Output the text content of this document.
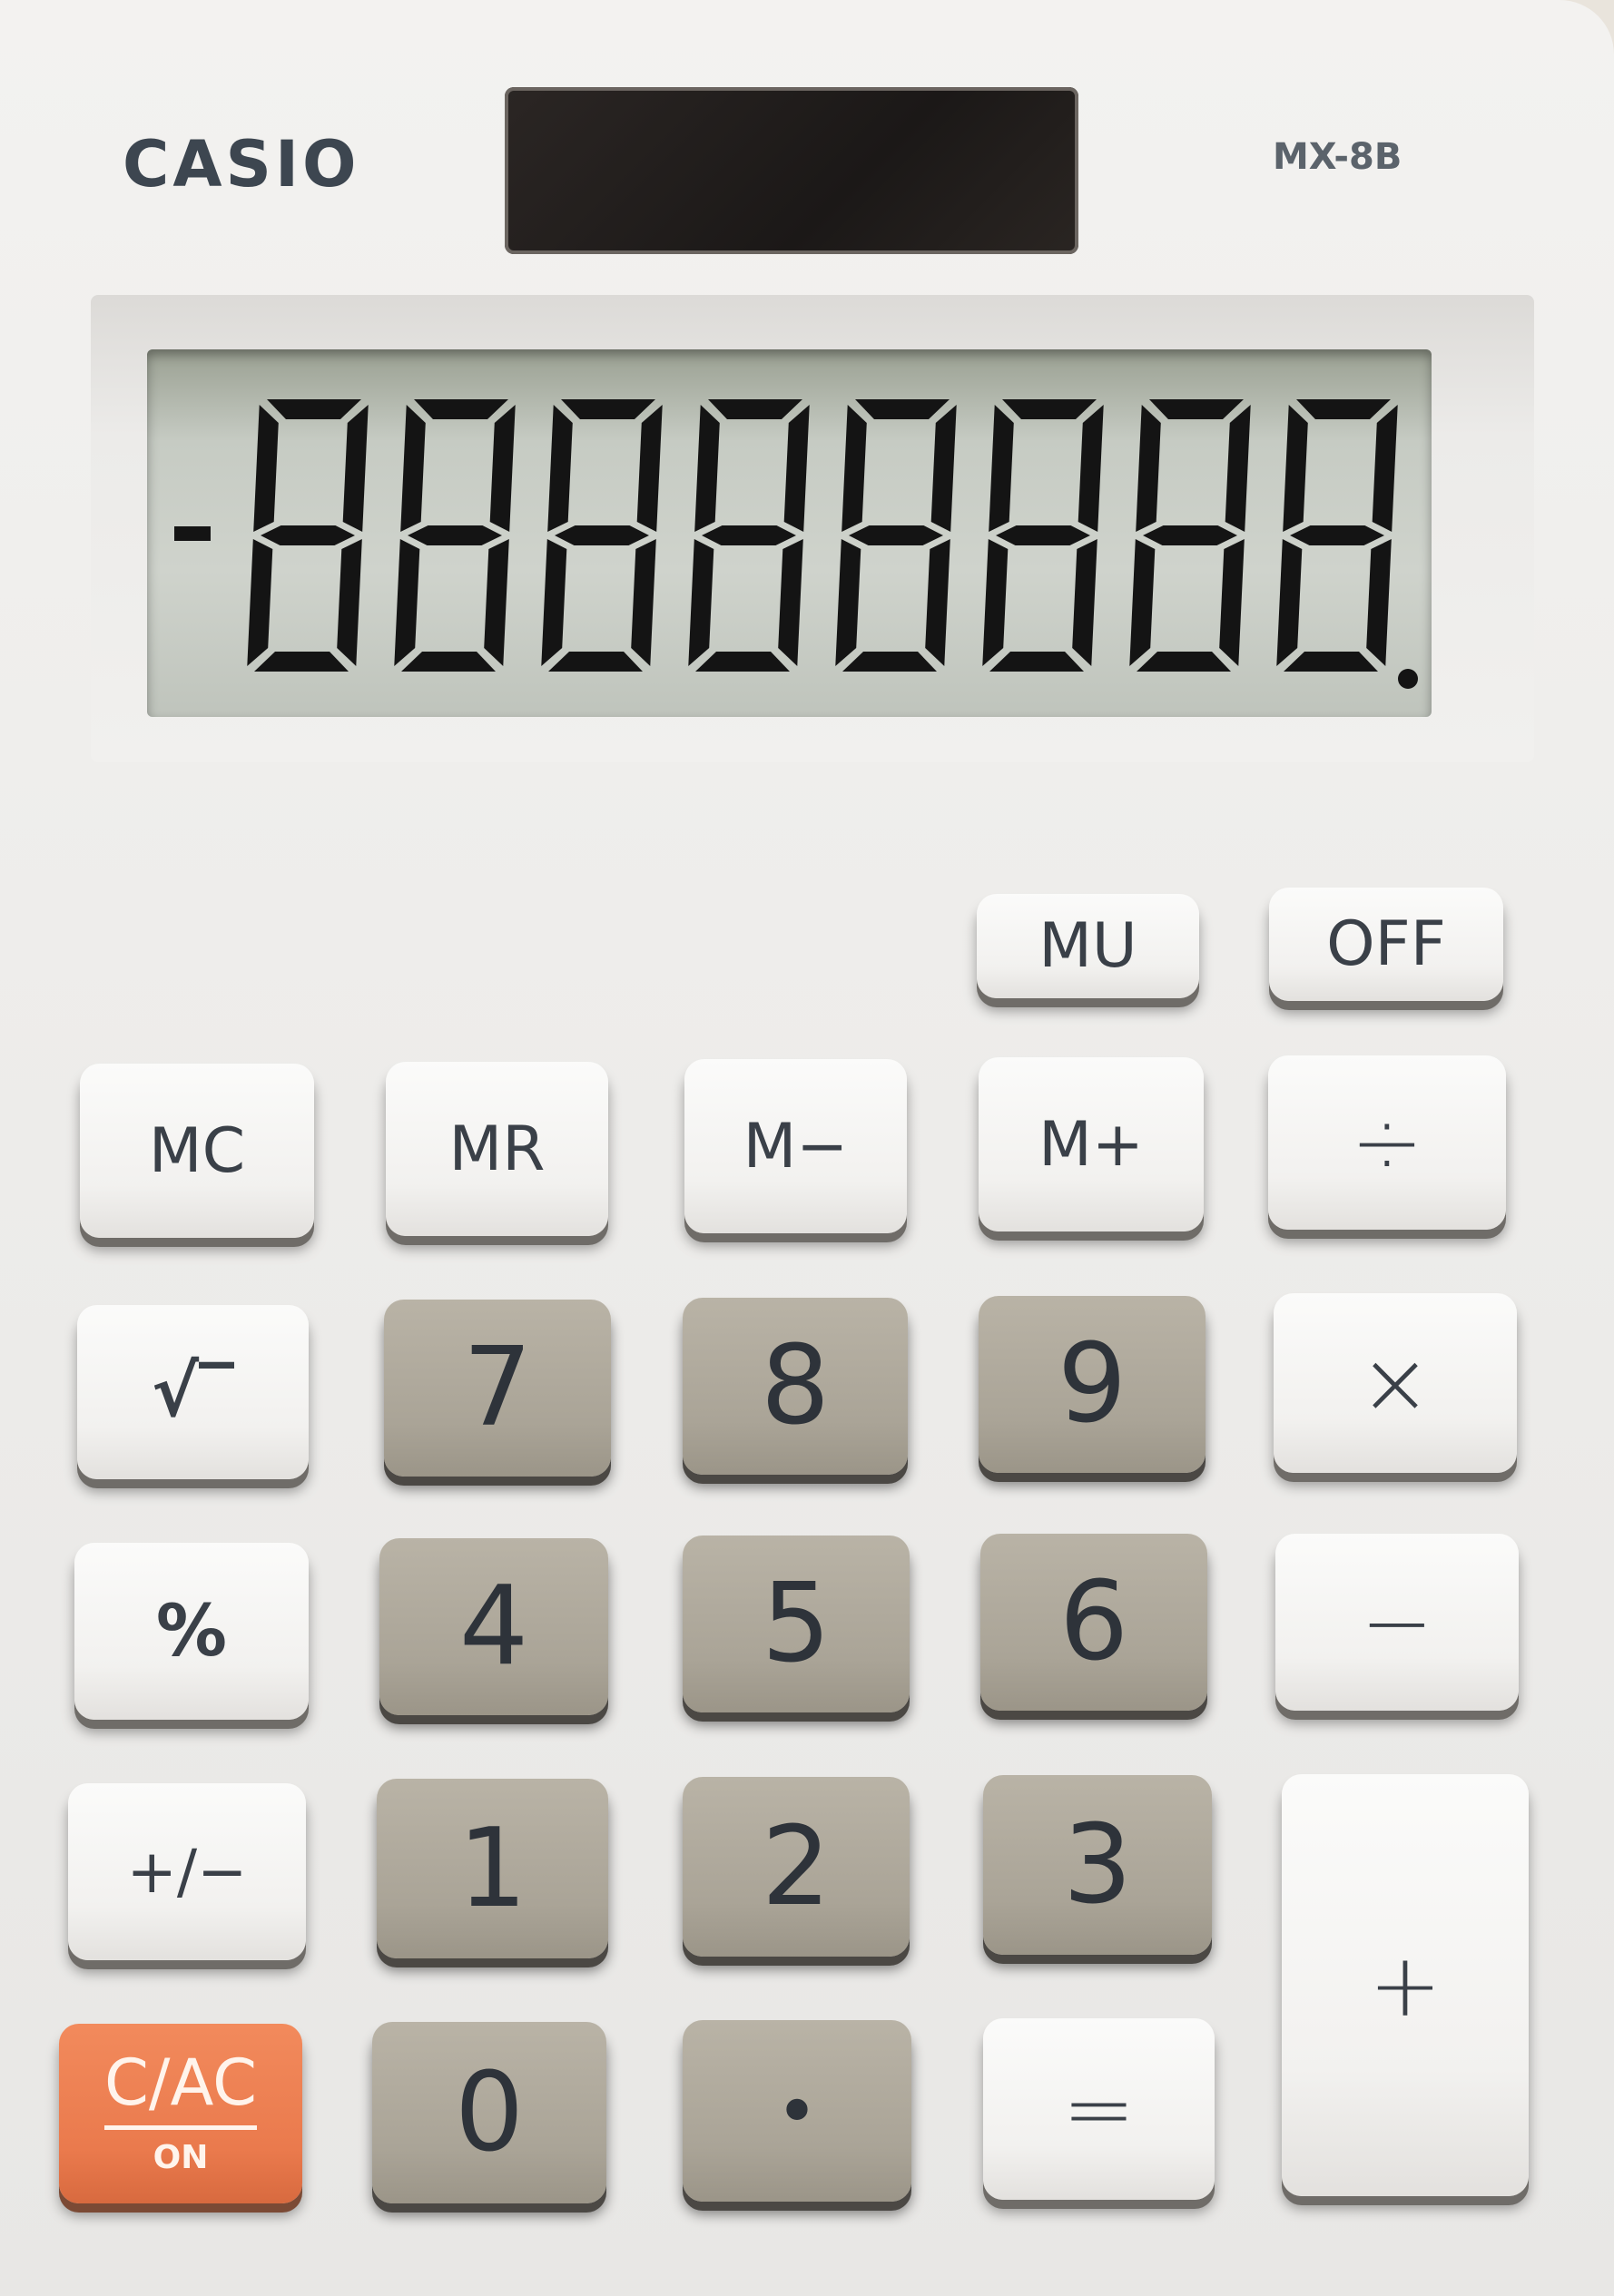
CASIO	MX-8B
MU	OFF
MC	MR	M−	M+ ÷
√‾ 7 8 9	×
% 4 5 6	−
+/− 1 2 3
+
C/AC
ON 0	•	=
